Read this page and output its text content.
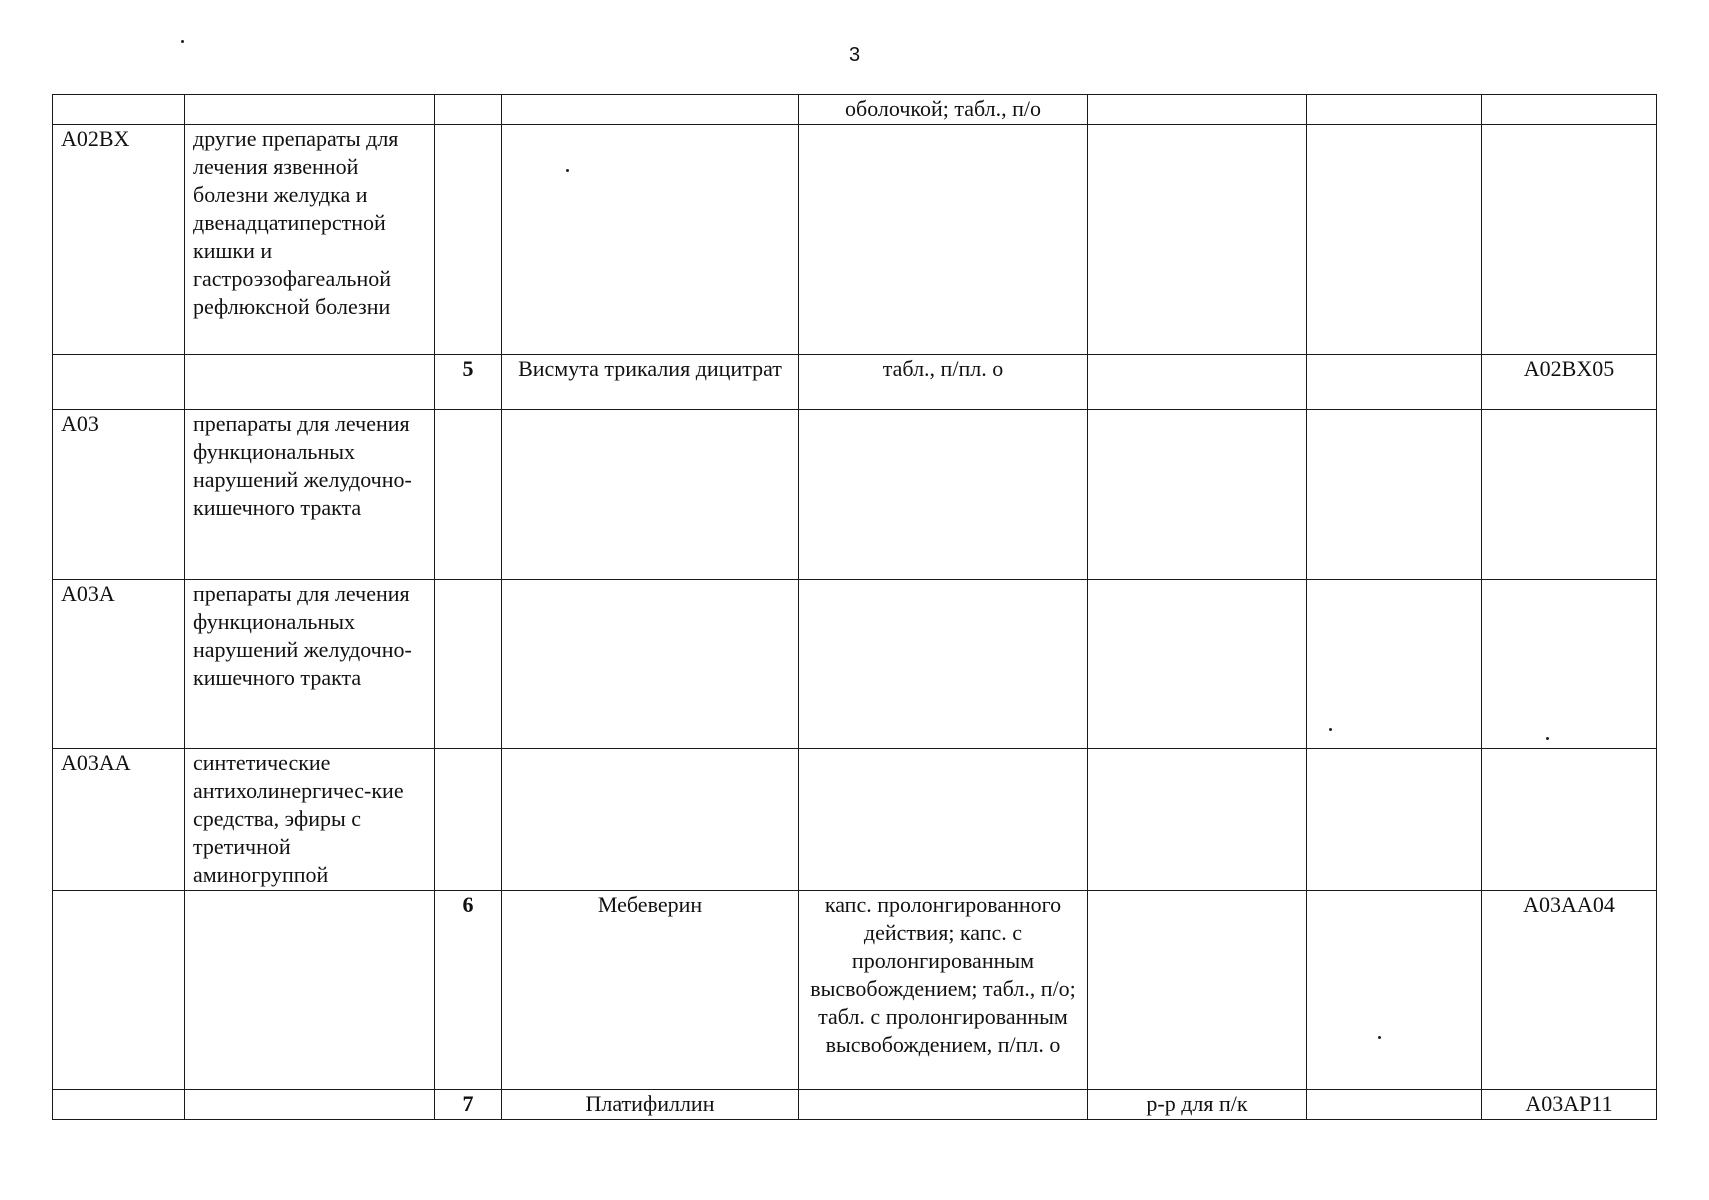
3
				оболочкой; табл., п/о			
A02BX	другие препараты для лечения язвенной болезни желудка и двенадцатиперстной кишки и гастроэзофагеальной рефлюксной болезни						
		5	Висмута трикалия дицитрат	табл., п/пл. о			A02BX05
A03	препараты для лечения функциональных нарушений желудочно-кишечного тракта						
A03A	препараты для лечения функциональных нарушений желудочно-кишечного тракта						
A03AA	синтетические антихолинергичес-кие средства, эфиры с третичной аминогруппой						
		6	Мебеверин	капс. пролонгированного действия; капс. с пролонгированным высвобождением; табл., п/о; табл. с пролонгированным высвобождением, п/пл. о			A03AA04
		7	Платифиллин		р-р для п/к		A03AP11
